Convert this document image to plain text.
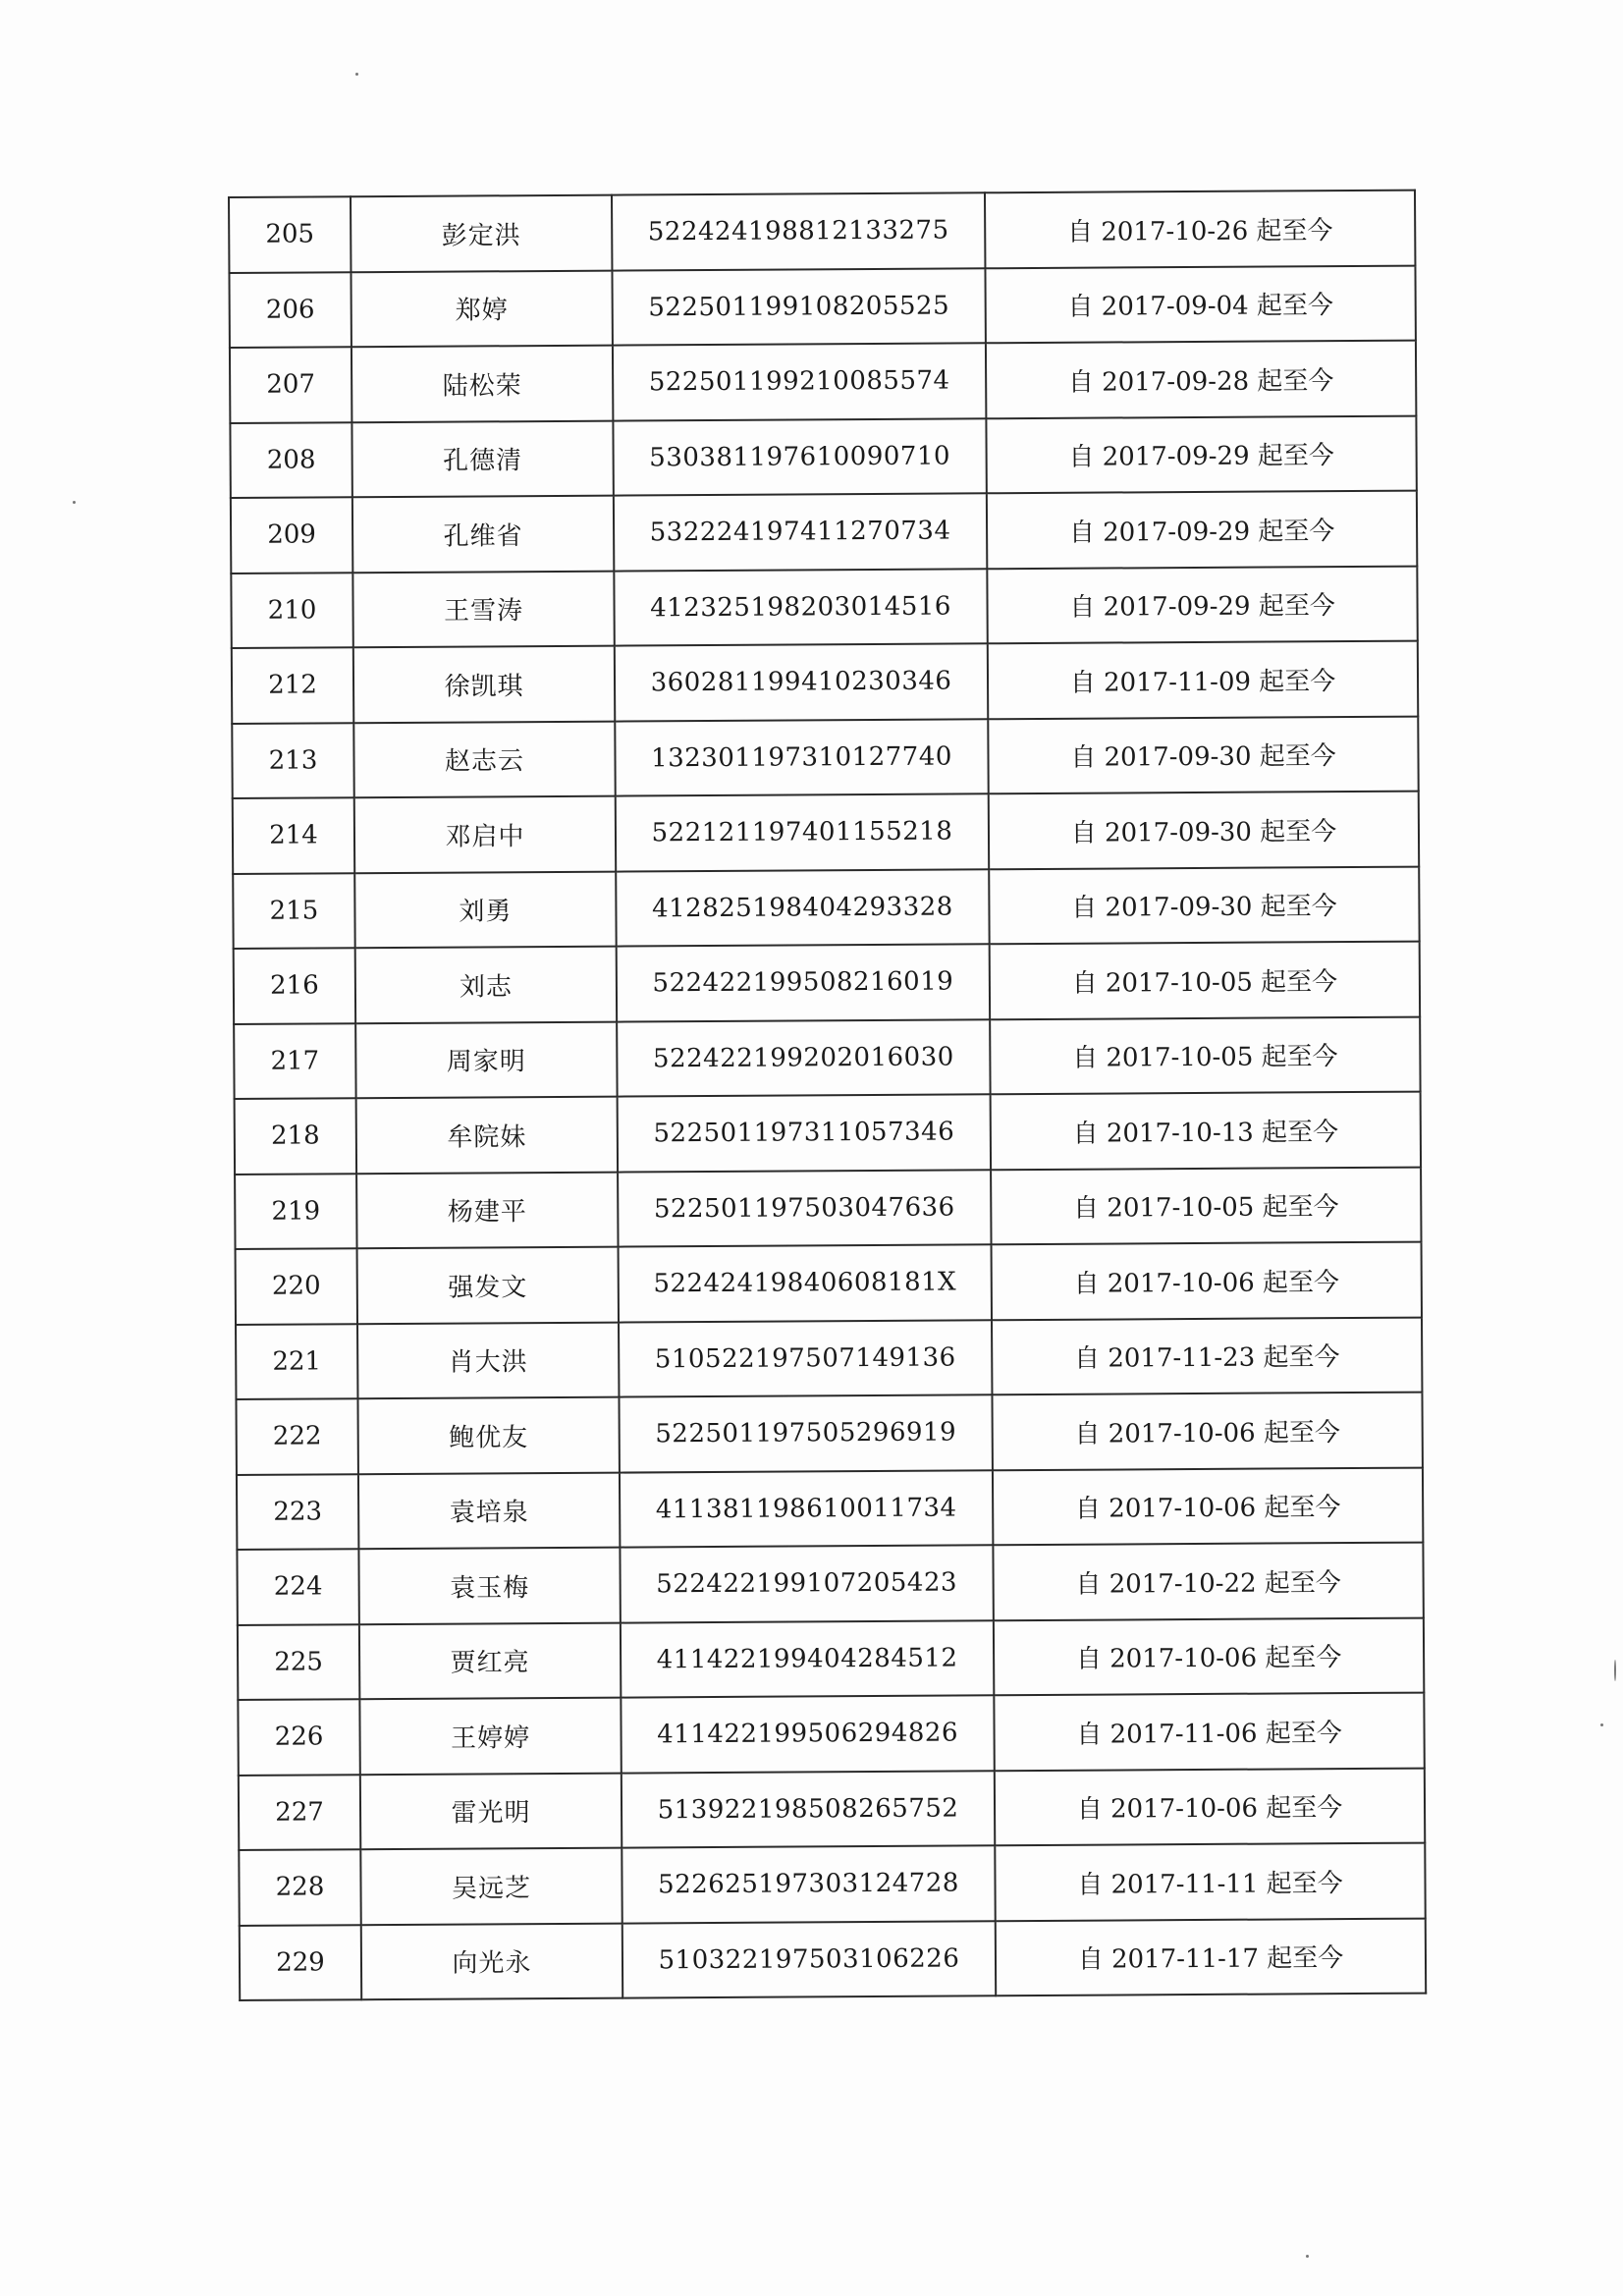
205	彭定洪	522424198812133275	自 2017-10-26 起至今
206	郑婷	522501199108205525	自 2017-09-04 起至今
207	陆松荣	522501199210085574	自 2017-09-28 起至今
208	孔德清	530381197610090710	自 2017-09-29 起至今
209	孔维省	532224197411270734	自 2017-09-29 起至今
210	王雪涛	412325198203014516	自 2017-09-29 起至今
212	徐凯琪	360281199410230346	自 2017-11-09 起至今
213	赵志云	132301197310127740	自 2017-09-30 起至今
214	邓启中	522121197401155218	自 2017-09-30 起至今
215	刘勇	412825198404293328	自 2017-09-30 起至今
216	刘志	522422199508216019	自 2017-10-05 起至今
217	周家明	522422199202016030	自 2017-10-05 起至今
218	牟院妹	522501197311057346	自 2017-10-13 起至今
219	杨建平	522501197503047636	自 2017-10-05 起至今
220	强发文	52242419840608181X	自 2017-10-06 起至今
221	肖大洪	510522197507149136	自 2017-11-23 起至今
222	鲍优友	522501197505296919	自 2017-10-06 起至今
223	袁培泉	411381198610011734	自 2017-10-06 起至今
224	袁玉梅	522422199107205423	自 2017-10-22 起至今
225	贾红亮	411422199404284512	自 2017-10-06 起至今
226	王婷婷	411422199506294826	自 2017-11-06 起至今
227	雷光明	513922198508265752	自 2017-10-06 起至今
228	吴远芝	522625197303124728	自 2017-11-11 起至今
229	向光永	510322197503106226	自 2017-11-17 起至今
